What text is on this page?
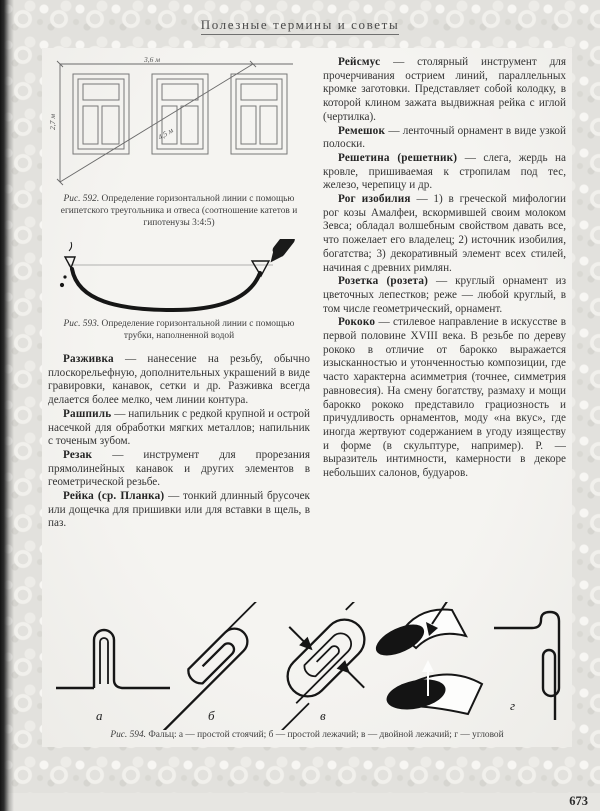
Полезные термины и советы
3,6 м
2,7 м
4,5 м

Рис. 592. Определение горизонтальной линии с помощью египетского треугольника и отвеса (соотношение катетов и гипотенузы 3:4:5)

Рис. 593. Определение горизонтальной линии с помощью трубки, наполненной водой

Разживка — нанесение на резьбу, обычно плоскорельефную, дополнительных украшений в виде гравировки, канавок, сетки и др. Разживка всегда делается более мелко, чем линии контура.

Рашпиль — напильник с редкой крупной и острой насечкой для обработки мягких металлов; напильник с точеным зубом.

Резак — инструмент для прорезания прямолинейных канавок и других элементов в геометрической резьбе.

Рейка (ср. Планка) — тонкий длинный брусочек или дощечка для пришивки или для вставки в щель, в паз.

Рейсмус — столярный инструмент для прочерчивания острием линий, параллельных кромке заготовки. Представляет собой колодку, в которой клином зажата выдвижная рейка с иглой (чертилка).

Ремешок — ленточный орнамент в виде узкой полоски.

Решетина (решетник) — слега, жердь на кровле, пришиваемая к стропилам под тес, железо, черепицу и др.

Рог изобилия — 1) в греческой мифологии рог козы Амалфеи, вскормившей своим молоком Зевса; обладал волшебным свойством давать все, что пожелает его владелец; 2) источник изобилия, богатства; 3) декоративный элемент всех стилей, начиная с древних римлян.

Розетка (розета) — круглый орнамент из цветочных лепестков; реже — любой круглый, в том числе геометрический, орнамент.

Рококо — стилевое направление в искусстве в первой половине XVIII века. В резьбе по дереву рококо в отличие от барокко выражается изысканностью и утонченностью композиции, где часто характерна асимметрия (точнее, симметрия равновесия). На смену богатству, размаху и мощи барокко рококо представило грациозность и причудливость орнаментов, моду «на вкус», где иногда жертвуют содержанием в угоду изяществу и форме (в скульптуре, например). Р. — выразитель интимности, камерности в декоре небольших салонов, будуаров.

а	б	в
г

Рис. 594. Фальц: а — простой стоячий; б — простой лежачий; в — двойной лежачий; г — угловой

673
